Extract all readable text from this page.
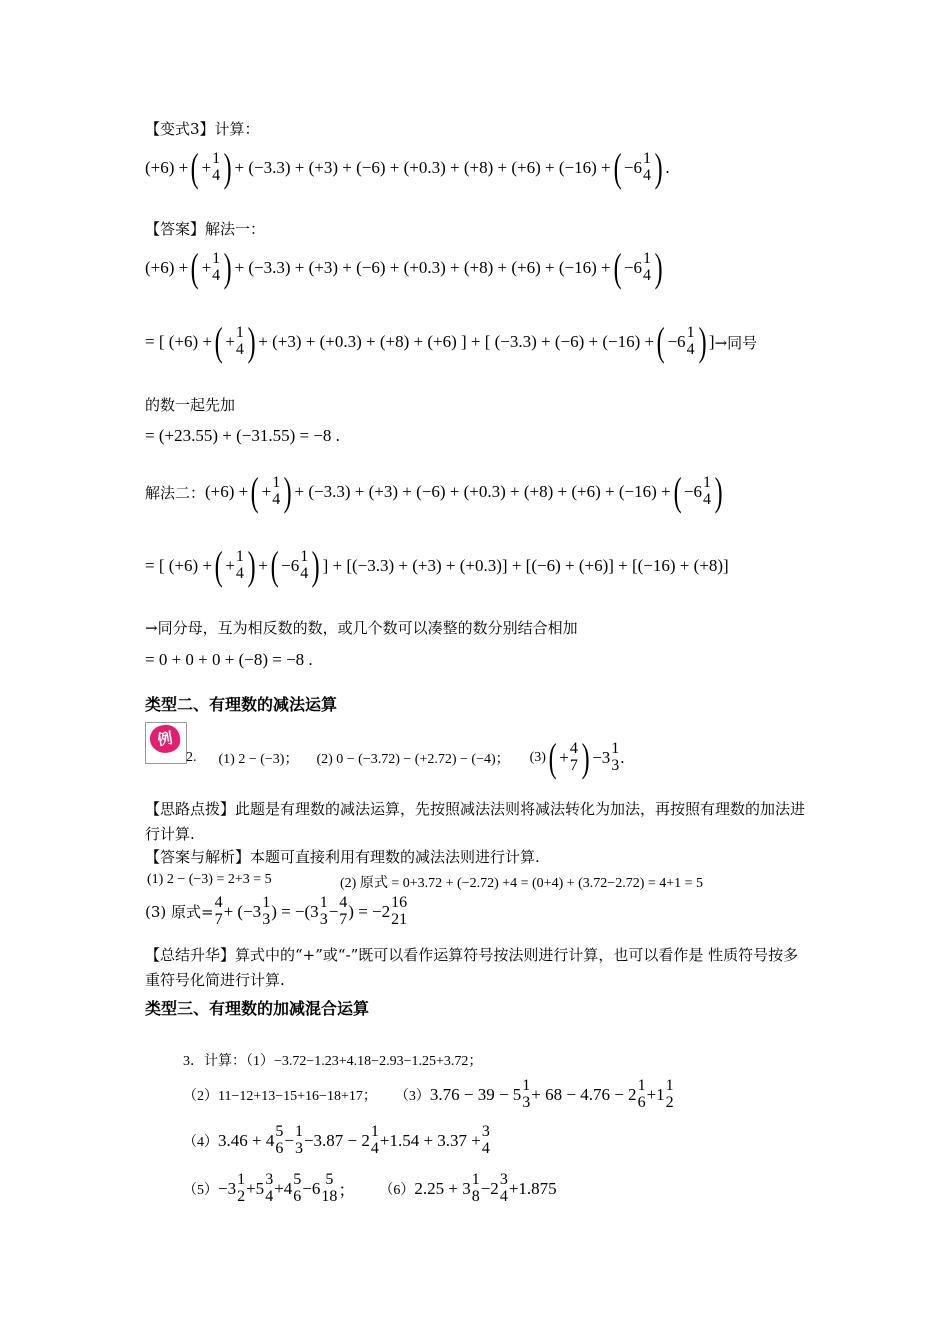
【变式3】计算：
(+6) + ( + 1
4 ) + (−3.3) + (+3) + (−6) + (+0.3) + (+8) + (+6) + (−16) + ( −6 1
4 ) .
【答案】解法一：
(+6) + ( + 1
4 ) + (−3.3) + (+3) + (−6) + (+0.3) + (+8) + (+6) + (−16) + ( −6 1
4 )
= [ (+6) + ( + 1
4 ) + (+3) + (+0.3) + (+8) + (+6) ] + [ (−3.3) + (−6) + (−16) + ( −6 1
4 ) ] →同号
的数一起先加
= (+23.55) + (−31.55) = −8 .
解法二： (+6) + ( + 1
4 ) + (−3.3) + (+3) + (−6) + (+0.3) + (+8) + (+6) + (−16) + ( −6 1
4 )
= [ (+6) + ( + 1
4 ) + ( −6 1
4 ) ] + [(−3.3) + (+3) + (+0.3)] + [(−6) + (+6)] + [(−16) + (+8)]
→同分母，互为相反数的数，或几个数可以凑整的数分别结合相加
= 0 + 0 + 0 + (−8) = −8 .
类型二、有理数的减法运算
例
2. (1) 2 − (−3)； (2) 0 − (−3.72) − (+2.72) − (−4)； (3) ( + 4
7 ) −3 1
3 .
【思路点拨】此题是有理数的减法运算，先按照减法法则将减法转化为加法，再按照有理数的加法进行计算.
【答案与解析】本题可直接利用有理数的减法法则进行计算.
(1) 2 − (−3) = 2+3 = 5	(2) 原式 = 0+3.72 + (−2.72) +4 = (0+4) + (3.72−2.72) = 4+1 = 5
(3) 原式=
4
7 + (−3 1
3 ) = −(3 1
3 − 4
7 ) = −2 16
21
【总结升华】算式中的“+”或“-”既可以看作运算符号按法则进行计算，也可以看作是 性质符号按多重符号化简进行计算.
类型三、有理数的加减混合运算
3．计算：（1）−3.72−1.23+4.18−2.93−1.25+3.72；
（2）11−12+13−15+16−18+17； （3） 3.76 − 39 − 5 1
3 + 68 − 4.76 − 2 1
6 +1 1
2
（4） 3.46 + 4 5
6 − 1
3 −3.87 − 2 1
4 +1.54 + 3.37 + 3
4
（5） −3 1
2 +5 3
4 +4 5
6 −6 5
18 ； （6） 2.25 + 3 1
8 −2 3
4 +1.875
